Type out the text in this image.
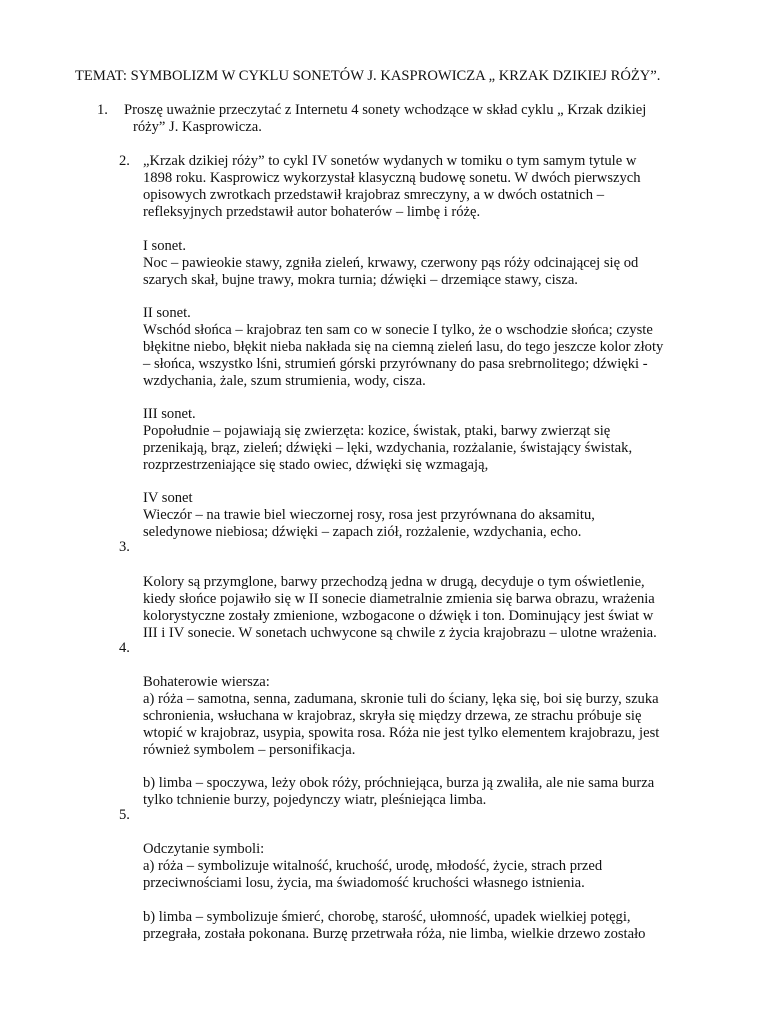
TEMAT: SYMBOLIZM W CYKLU SONETÓW J. KASPROWICZA „ KRZAK DZIKIEJ RÓŻY”.
1. Proszę uważnie przeczytać z Internetu 4 sonety wchodzące w skład cyklu „ Krzak dzikiej
róży” J. Kasprowicza.
2. „Krzak dzikiej róży” to cykl IV sonetów wydanych w tomiku o tym samym tytule w
1898 roku. Kasprowicz wykorzystał klasyczną budowę sonetu. W dwóch pierwszych
opisowych zwrotkach przedstawił krajobraz smreczyny, a w dwóch ostatnich –
refleksyjnych przedstawił autor bohaterów – limbę i różę.
I sonet.
Noc – pawieokie stawy, zgniła zieleń, krwawy, czerwony pąs róży odcinającej się od
szarych skał, bujne trawy, mokra turnia; dźwięki – drzemiące stawy, cisza.
II sonet.
Wschód słońca – krajobraz ten sam co w sonecie I tylko, że o wschodzie słońca; czyste
błękitne niebo, błękit nieba nakłada się na ciemną zieleń lasu, do tego jeszcze kolor złoty
– słońca, wszystko lśni, strumień górski przyrównany do pasa srebrnolitego; dźwięki -
wzdychania, żale, szum strumienia, wody, cisza.
III sonet.
Popołudnie – pojawiają się zwierzęta: kozice, świstak, ptaki, barwy zwierząt się
przenikają, brąz, zieleń; dźwięki – lęki, wzdychania, rozżalanie, świstający świstak,
rozprzestrzeniające się stado owiec, dźwięki się wzmagają,
IV sonet
Wieczór – na trawie biel wieczornej rosy, rosa jest przyrównana do aksamitu,
seledynowe niebiosa; dźwięki – zapach ziół, rozżalenie, wzdychania, echo.
3.
Kolory są przymglone, barwy przechodzą jedna w drugą, decyduje o tym oświetlenie,
kiedy słońce pojawiło się w II sonecie diametralnie zmienia się barwa obrazu, wrażenia
kolorystyczne zostały zmienione, wzbogacone o dźwięk i ton. Dominujący jest świat w
III i IV sonecie. W sonetach uchwycone są chwile z życia krajobrazu – ulotne wrażenia.
4.
Bohaterowie wiersza:
a) róża – samotna, senna, zadumana, skronie tuli do ściany, lęka się, boi się burzy, szuka
schronienia, wsłuchana w krajobraz, skryła się między drzewa, ze strachu próbuje się
wtopić w krajobraz, usypia, spowita rosa. Róża nie jest tylko elementem krajobrazu, jest
również symbolem – personifikacja.
b) limba – spoczywa, leży obok róży, próchniejąca, burza ją zwaliła, ale nie sama burza
tylko tchnienie burzy, pojedynczy wiatr, pleśniejąca limba.
5.
Odczytanie symboli:
a) róża – symbolizuje witalność, kruchość, urodę, młodość, życie, strach przed
przeciwnościami losu, życia, ma świadomość kruchości własnego istnienia.
b) limba – symbolizuje śmierć, chorobę, starość, ułomność, upadek wielkiej potęgi,
przegrała, została pokonana. Burzę przetrwała róża, nie limba, wielkie drzewo zostało
